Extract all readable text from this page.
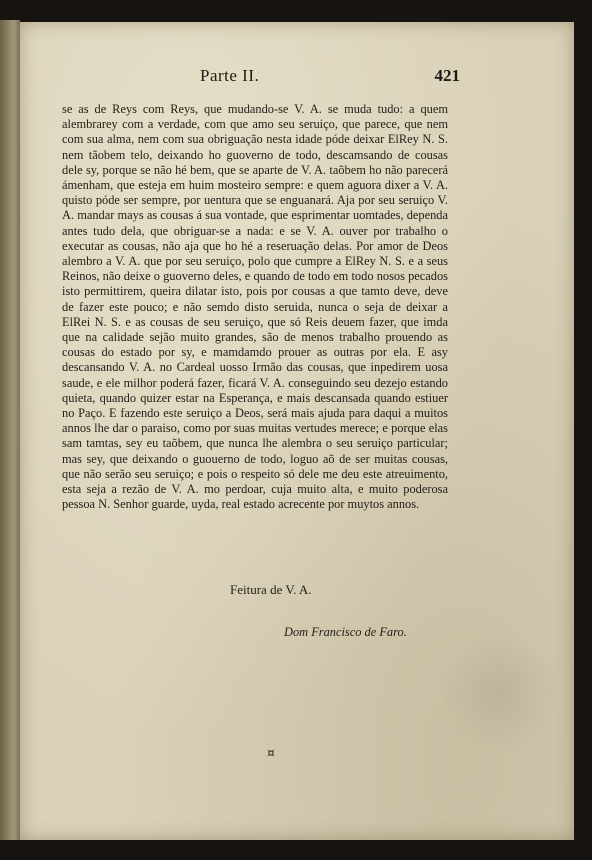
Parte II.	421

se as de Reys com Reys, que mudando-se V. A. se muda tudo: a quem alembrarey com a verdade, com que amo seu seruiço, que parece, que nem com sua alma, nem com sua obriguação nesta idade póde deixar ElRey N. S. nem tãobem telo, deixando ho guoverno de todo, descamsando de cousas dele sy, porque se não hé bem, que se aparte de V. A. taõbem ho não parecerá ámenham, que esteja em huim mosteiro sempre: e quem aguora dixer a V. A. quisto póde ser sempre, por uentura que se enguanará. Aja por seu seruiço V. A. mandar mays as cousas á sua vontade, que esprimentar uomtades, dependa antes tudo dela, que obriguar-se a nada: e se V. A. ouver por trabalho o executar as cousas, não aja que ho hé a reseruação delas. Por amor de Deos alembro a V. A. que por seu seruiço, polo que cumpre a ElRey N. S. e a seus Reinos, não deixe o guoverno deles, e quando de todo em todo nosos pecados isto permittirem, queira dilatar isto, pois por cousas a que tamto deve, deve de fazer este pouco; e não semdo disto seruida, nunca o seja de deixar a ElRei N. S. e as cousas de seu seruiço, que só Reis deuem fazer, que imda que na calidade sejão muito grandes, são de menos trabalho prouendo as cousas do estado por sy, e mamdamdo prouer as outras por ela. E asy descansando V. A. no Cardeal uosso Irmão das cousas, que inpedirem uosa saude, e ele milhor poderá fazer, ficará V. A. conseguindo seu dezejo estando quieta, quando quizer estar na Esperança, e mais descansada quando estiuer no Paço. E fazendo este seruiço a Deos, será mais ajuda para daqui a muitos annos lhe dar o paraiso, como por suas muitas vertudes merece; e porque elas sam tamtas, sey eu taõbem, que nunca lhe alembra o seu seruiço particular; mas sey, que deixando o guouerno de todo, loguo aõ de ser muitas cousas, que não serão seu seruiço; e pois o respeito só dele me deu este atreuimento, esta seja a rezão de V. A. mo perdoar, cuja muito alta, e muito poderosa pessoa N. Senhor guarde, uyda, real estado acrecente por muytos annos.

Feitura de V. A.
Dom Francisco de Faro.
¤
